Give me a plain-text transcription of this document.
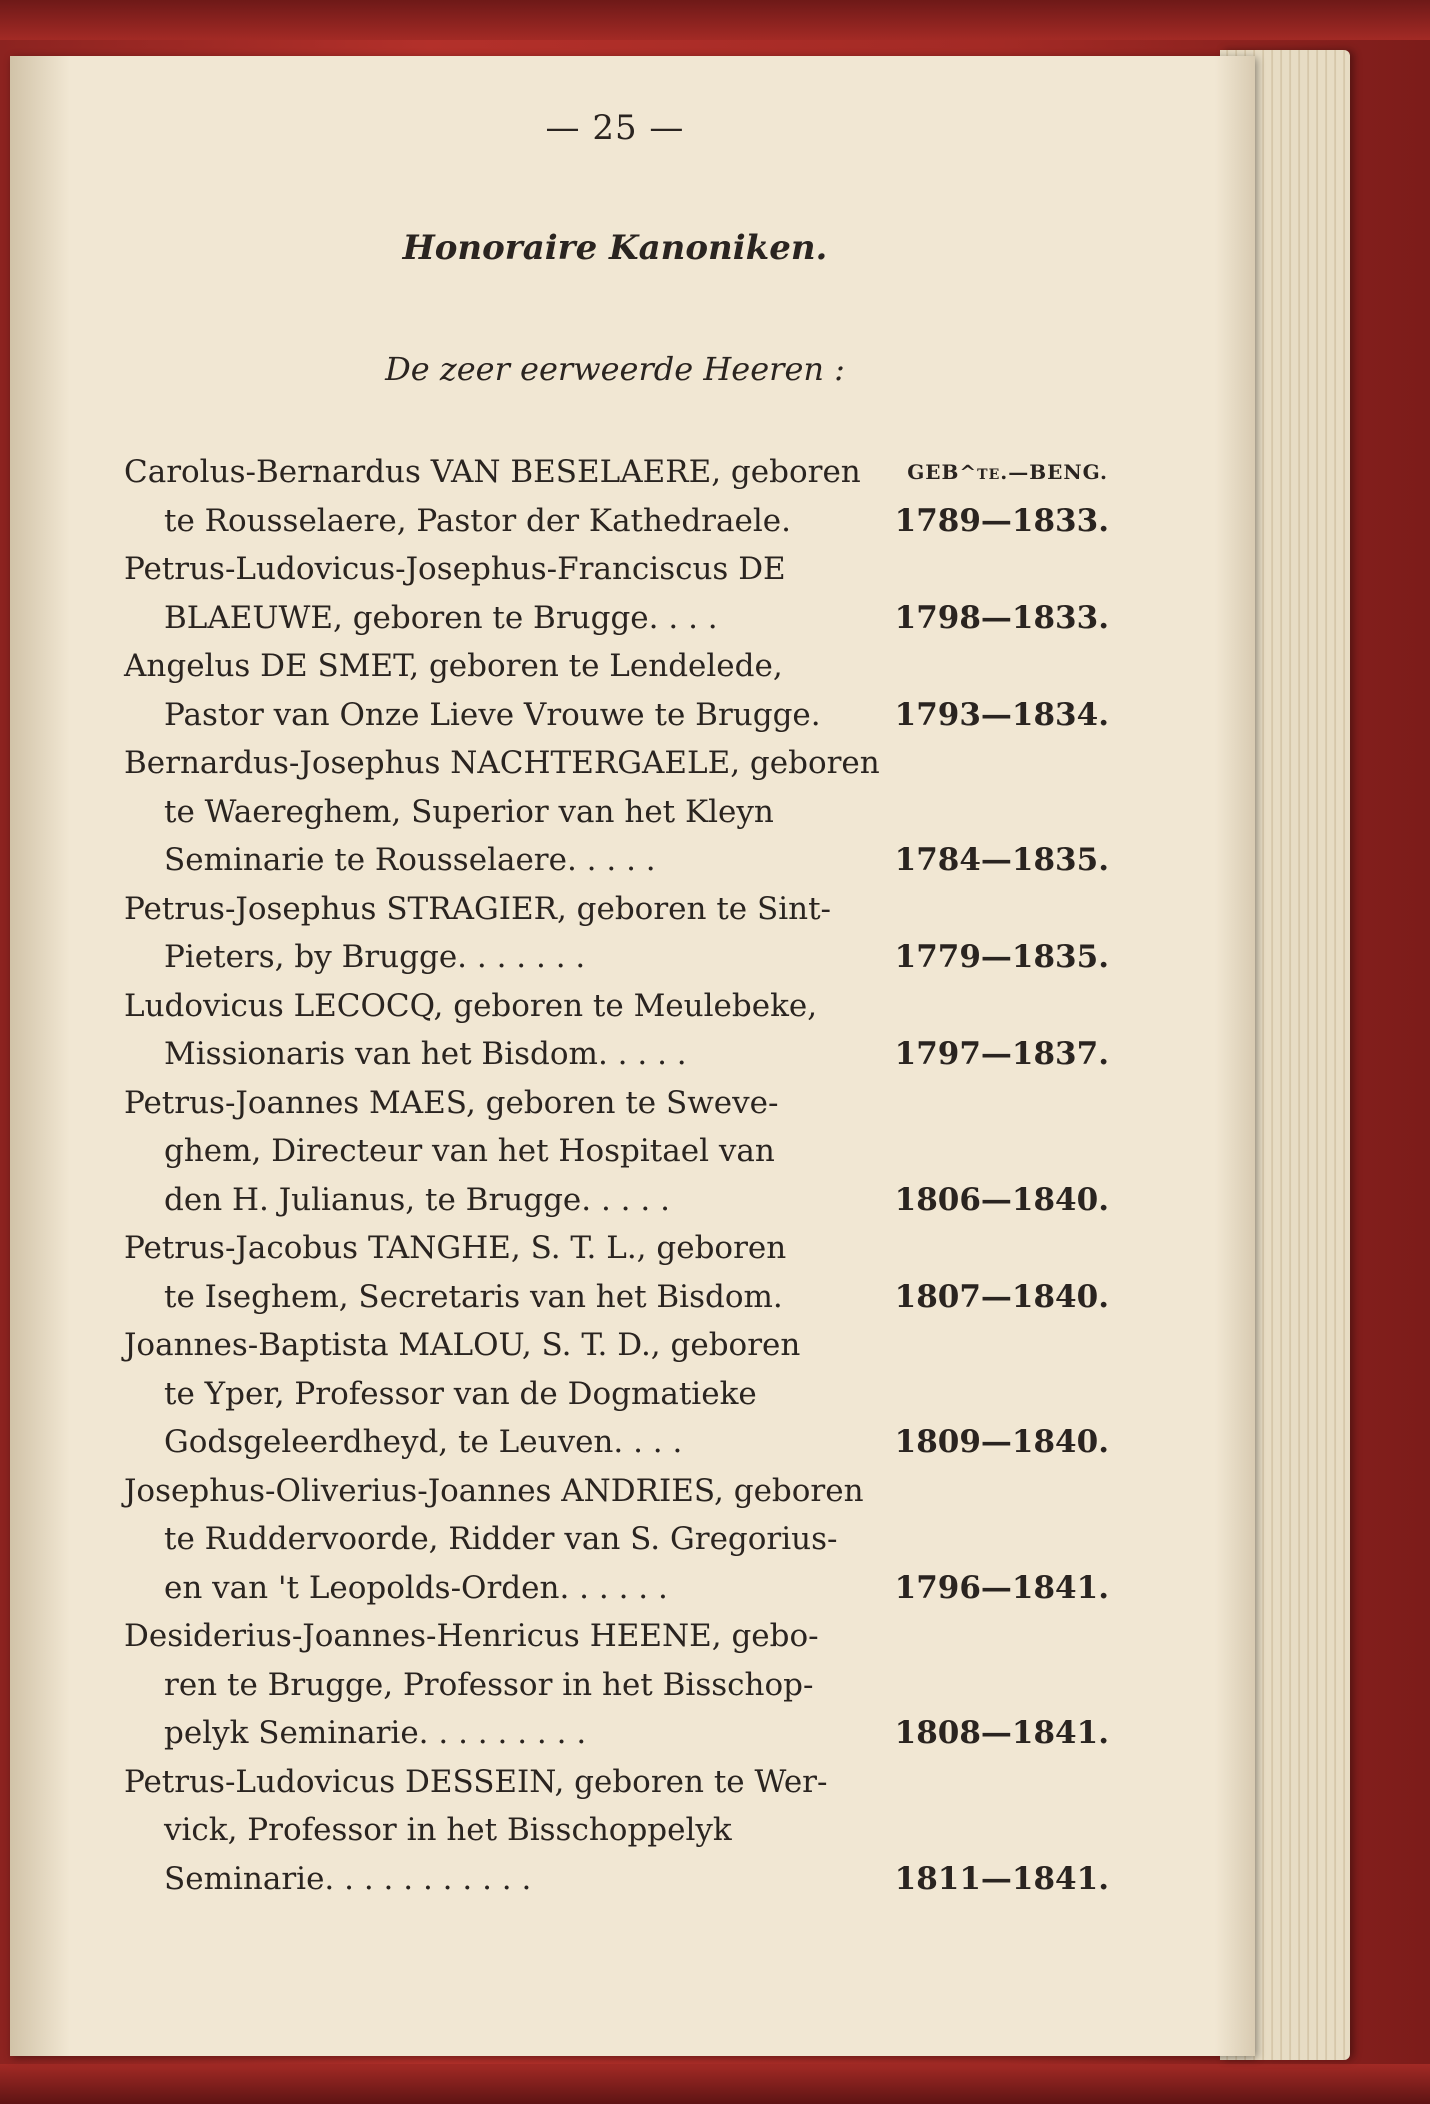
— 25 —
Honoraire Kanoniken.
De zeer eerweerde Heeren :
GEB^te.—BENG.
Carolus-Bernardus VAN BESELAERE, geboren
te Rousselaere, Pastor der Kathedraele.	1789—1833.
Petrus-Ludovicus-Josephus-Franciscus DE
BLAEUWE, geboren te Brugge. . . .	1798—1833.
Angelus DE SMET, geboren te Lendelede,
Pastor van Onze Lieve Vrouwe te Brugge. 1793—1834.
Bernardus-Josephus NACHTERGAELE, geboren
te Waereghem, Superior van het Kleyn
Seminarie te Rousselaere. . . . .	1784—1835.
Petrus-Josephus STRAGIER, geboren te Sint-
Pieters, by Brugge. . . . . . .	1779—1835.
Ludovicus LECOCQ, geboren te Meulebeke,
Missionaris van het Bisdom. . . . .	1797—1837.
Petrus-Joannes MAES, geboren te Sweve-
ghem, Directeur van het Hospitael van
den H. Julianus, te Brugge. . . . .	1806—1840.
Petrus-Jacobus TANGHE, S. T. L., geboren
te Iseghem, Secretaris van het Bisdom.	1807—1840.
Joannes-Baptista MALOU, S. T. D., geboren
te Yper, Professor van de Dogmatieke
Godsgeleerdheyd, te Leuven. . . .	1809—1840.
Josephus-Oliverius-Joannes ANDRIES, geboren
te Ruddervoorde, Ridder van S. Gregorius-
en van 't Leopolds-Orden. . . . . .	1796—1841.
Desiderius-Joannes-Henricus HEENE, gebo-
ren te Brugge, Professor in het Bisschop-
pelyk Seminarie. . . . . . . . .	1808—1841.
Petrus-Ludovicus DESSEIN, geboren te Wer-
vick, Professor in het Bisschoppelyk
Seminarie. . . . . . . . . . .	1811—1841.
